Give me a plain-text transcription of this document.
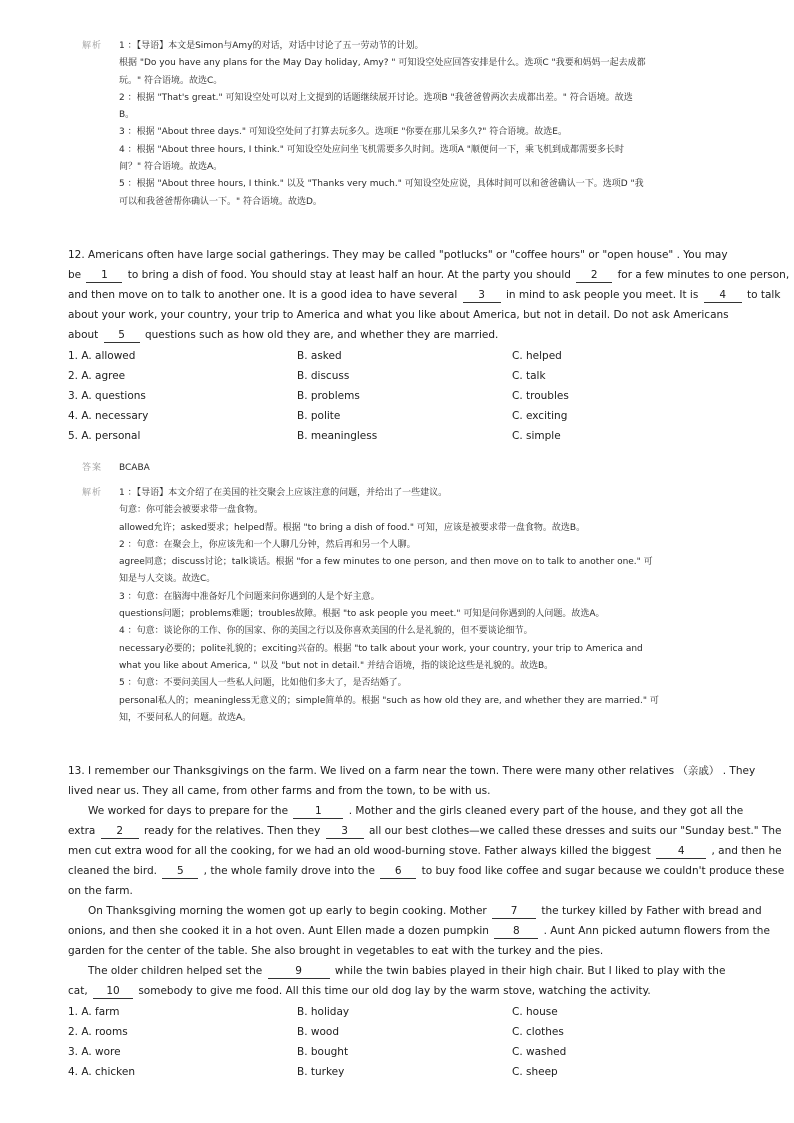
解析 1 ：【导语】本文是Simon与Amy的对话，对话中讨论了五一劳动节的计划。
根据 "Do you have any plans for the May Day holiday, Amy? " 可知设空处应回答安排是什么。选项C "我要和妈妈一起去成都
玩。" 符合语境。故选C。
2 ：根据 "That's great." 可知设空处可以对上文提到的话题继续展开讨论。选项B "我爸爸曾两次去成都出差。" 符合语境。故选
B。
3 ：根据 "About three days." 可知设空处问了打算去玩多久。选项E "你要在那儿呆多久?" 符合语境。故选E。
4 ：根据 "About three hours, I think." 可知设空处应问坐飞机需要多久时间。选项A "顺便问一下，乘飞机到成都需要多长时
间？" 符合语境。故选A。
5 ：根据 "About three hours, I think." 以及 "Thanks very much." 可知设空处应说，具体时间可以和爸爸确认一下。选项D "我
可以和我爸爸帮你确认一下。" 符合语境。故选D。
12. Americans often have large social gatherings. They may be called "potlucks" or "coffee hours" or "open house" . You may
be 1 to bring a dish of food. You should stay at least half an hour. At the party you should 2 for a few minutes to one person,
and then move on to talk to another one. It is a good idea to have several 3 in mind to ask people you meet. It is 4 to talk
about your work, your country, your trip to America and what you like about America, but not in detail. Do not ask Americans
about 5 questions such as how old they are, and whether they are married.
1. A. allowed	B. asked	C. helped
2. A. agree	B. discuss	C. talk
3. A. questions	B. problems	C. troubles
4. A. necessary	B. polite	C. exciting
5. A. personal	B. meaningless	C. simple
答案 BCABA
解析 1 ：【导语】本文介绍了在美国的社交聚会上应该注意的问题，并给出了一些建议。
句意：你可能会被要求带一盘食物。
allowed允许；asked要求；helped帮。根据 "to bring a dish of food." 可知，应该是被要求带一盘食物。故选B。
2 ：句意：在聚会上，你应该先和一个人聊几分钟，然后再和另一个人聊。
agree同意；discuss讨论；talk谈话。根据 "for a few minutes to one person, and then move on to talk to another one." 可
知是与人交谈。故选C。
3 ：句意：在脑海中准备好几个问题来问你遇到的人是个好主意。
questions问题；problems难题；troubles故障。根据 "to ask people you meet." 可知是问你遇到的人问题。故选A。
4 ：句意：谈论你的工作、你的国家、你的美国之行以及你喜欢美国的什么是礼貌的，但不要谈论细节。
necessary必要的；polite礼貌的；exciting兴奋的。根据 "to talk about your work, your country, your trip to America and
what you like about America, " 以及 "but not in detail." 并结合语境，指的谈论这些是礼貌的。故选B。
5 ：句意：不要问美国人一些私人问题，比如他们多大了，是否结婚了。
personal私人的；meaningless无意义的；simple简单的。根据 "such as how old they are, and whether they are married." 可
知，不要问私人的问题。故选A。
13. I remember our Thanksgivings on the farm. We lived on a farm near the town. There were many other relatives （亲戚） . They
lived near us. They all came, from other farms and from the town, to be with us.
We worked for days to prepare for the 1 . Mother and the girls cleaned every part of the house, and they got all the
extra 2 ready for the relatives. Then they 3 all our best clothes—we called these dresses and suits our "Sunday best." The
men cut extra wood for all the cooking, for we had an old wood-burning stove. Father always killed the biggest 4 , and then he
cleaned the bird. 5 , the whole family drove into the 6 to buy food like coffee and sugar because we couldn't produce these
on the farm.
On Thanksgiving morning the women got up early to begin cooking. Mother 7 the turkey killed by Father with bread and
onions, and then she cooked it in a hot oven. Aunt Ellen made a dozen pumpkin 8 . Aunt Ann picked autumn flowers from the
garden for the center of the table. She also brought in vegetables to eat with the turkey and the pies.
The older children helped set the	9	while the twin babies played in their high chair. But I liked to play with the
cat, 10 somebody to give me food. All this time our old dog lay by the warm stove, watching the activity.
1. A. farm	B. holiday	C. house
2. A. rooms	B. wood	C. clothes
3. A. wore	B. bought	C. washed
4. A. chicken	B. turkey	C. sheep
